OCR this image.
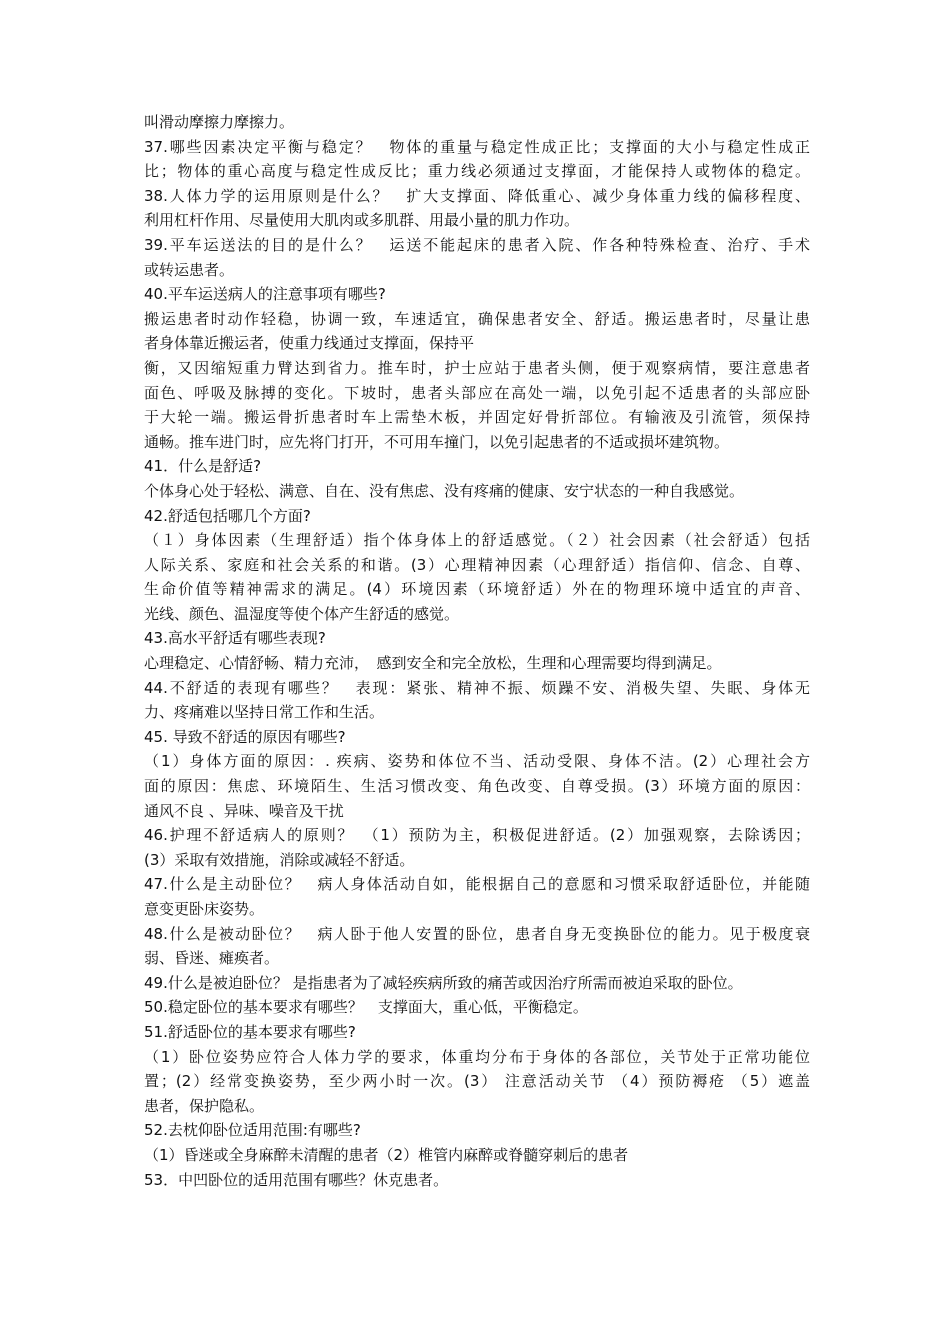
叫滑动摩擦力摩擦力。
37.哪些因素决定平衡与稳定？　物体的重量与稳定性成正比；支撑面的大小与稳定性成正
比；物体的重心高度与稳定性成反比；重力线必须通过支撑面，才能保持人或物体的稳定。
38.人体力学的运用原则是什么？　扩大支撑面、降低重心、减少身体重力线的偏移程度、
利用杠杆作用、尽量使用大肌肉或多肌群、用最小量的肌力作功。
39.平车运送法的目的是什么？　运送不能起床的患者入院、作各种特殊检查、治疗、手术
或转运患者。
40.平车运送病人的注意事项有哪些?
搬运患者时动作轻稳，协调一致，车速适宜，确保患者安全、舒适。搬运患者时，尽量让患
者身体靠近搬运者，使重力线通过支撑面，保持平
衡，又因缩短重力臂达到省力。推车时，护士应站于患者头侧，便于观察病情，要注意患者
面色、呼吸及脉搏的变化。下坡时，患者头部应在高处一端，以免引起不适患者的头部应卧
于大轮一端。搬运骨折患者时车上需垫木板，并固定好骨折部位。有输液及引流管，须保持
通畅。推车进门时，应先将门打开，不可用车撞门，以免引起患者的不适或损坏建筑物。
41．什么是舒适?
个体身心处于轻松、满意、自在、没有焦虑、没有疼痛的健康、安宁状态的一种自我感觉。
42.舒适包括哪几个方面?
（１）身体因素（生理舒适）指个体身体上的舒适感觉。（２）社会因素（社会舒适）包括
人际关系、家庭和社会关系的和谐。(3）心理精神因素（心理舒适）指信仰、信念、自尊、
生命价值等精神需求的满足。(4）环境因素（环境舒适）外在的物理环境中适宜的声音、
光线、颜色、温湿度等使个体产生舒适的感觉。
43.高水平舒适有哪些表现?
心理稳定、心情舒畅、精力充沛，　感到安全和完全放松，生理和心理需要均得到满足。
44.不舒适的表现有哪些？　表现：紧张、精神不振、烦躁不安、消极失望、失眠、身体无
力、疼痛难以坚持日常工作和生活。
45. 导致不舒适的原因有哪些?
（1）身体方面的原因：. 疾病、姿势和体位不当、活动受限、身体不洁。(2）心理社会方
面的原因：焦虑、环境陌生、生活习惯改变、角色改变、自尊受损。(3）环境方面的原因：
通风不良 、异味、噪音及干扰
46.护理不舒适病人的原则？　（1）预防为主，积极促进舒适。(2）加强观察，去除诱因；
(3）采取有效措施，消除或减轻不舒适。
47.什么是主动卧位？　病人身体活动自如，能根据自己的意愿和习惯采取舒适卧位，并能随
意变更卧床姿势。
48.什么是被动卧位？　病人卧于他人安置的卧位，患者自身无变换卧位的能力。见于极度衰
弱、昏迷、瘫痪者。
49.什么是被迫卧位？ 是指患者为了减轻疾病所致的痛苦或因治疗所需而被迫采取的卧位。
50.稳定卧位的基本要求有哪些？　支撑面大，重心低，平衡稳定。
51.舒适卧位的基本要求有哪些?
（1）卧位姿势应符合人体力学的要求，体重均分布于身体的各部位，关节处于正常功能位
置；(2）经常变换姿势，至少两小时一次。(3） 注意活动关节 （4）预防褥疮 （5）遮盖
患者，保护隐私。
52.去枕仰卧位适用范围:有哪些?
（1）昏迷或全身麻醉未清醒的患者（2）椎管内麻醉或脊髓穿刺后的患者
53．中凹卧位的适用范围有哪些？休克患者。
